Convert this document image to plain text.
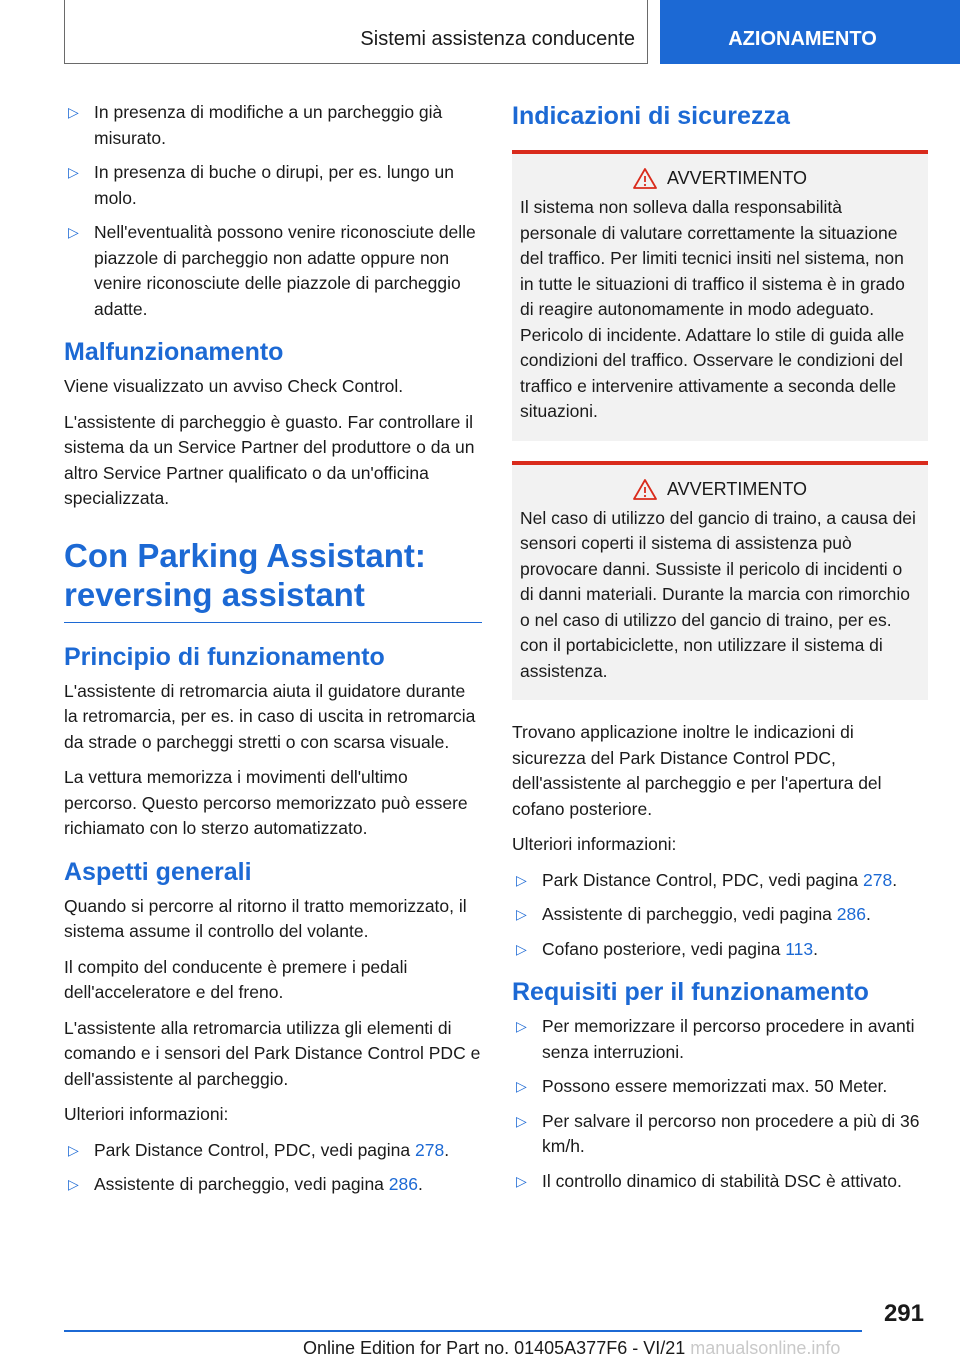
Sistemi assistenza conducente	AZIONAMENTO
▷ In presenza di modifiche a un parcheggio già misurato.
▷ In presenza di buche o dirupi, per es. lungo un molo.
▷ Nell'eventualità possono venire riconosciute delle piazzole di parcheggio non adatte oppure non venire riconosciute delle piazzole di parcheggio adatte.
Malfunzionamento

Viene visualizzato un avviso Check Control.

L'assistente di parcheggio è guasto. Far controllare il sistema da un Service Partner del produttore o da un altro Service Partner qualificato o da un'officina specializzata.

Con Parking Assistant: reversing assistant
Principio di funzionamento

L'assistente di retromarcia aiuta il guidatore durante la retromarcia, per es. in caso di uscita in retromarcia da strade o parcheggi stretti o con scarsa visuale.

La vettura memorizza i movimenti dell'ultimo percorso. Questo percorso memorizzato può essere richiamato con lo sterzo automatizzato.

Aspetti generali

Quando si percorre al ritorno il tratto memorizzato, il sistema assume il controllo del volante.

Il compito del conducente è premere i pedali dell'acceleratore e del freno.

L'assistente alla retromarcia utilizza gli elementi di comando e i sensori del Park Distance Control PDC e dell'assistente al parcheggio.

Ulteriori informazioni:

▷ Park Distance Control, PDC, vedi pagina 278.
▷ Assistente di parcheggio, vedi pagina 286.
Indicazioni di sicurezza
AVVERTIMENTO
Il sistema non solleva dalla responsabilità personale di valutare correttamente la situazione del traffico. Per limiti tecnici insiti nel sistema, non in tutte le situazioni di traffico il sistema è in grado di reagire autonomamente in modo adeguato. Pericolo di incidente. Adattare lo stile di guida alle condizioni del traffico. Osservare le condizioni del traffico e intervenire attivamente a seconda delle situazioni.
AVVERTIMENTO
Nel caso di utilizzo del gancio di traino, a causa dei sensori coperti il sistema di assistenza può provocare danni. Sussiste il pericolo di incidenti o di danni materiali. Durante la marcia con rimorchio o nel caso di utilizzo del gancio di traino, per es. con il portabiciclette, non utilizzare il sistema di assistenza.

Trovano applicazione inoltre le indicazioni di sicurezza del Park Distance Control PDC, dell'assistente al parcheggio e per l'apertura del cofano posteriore.

Ulteriori informazioni:

▷ Park Distance Control, PDC, vedi pagina 278.
▷ Assistente di parcheggio, vedi pagina 286.
▷ Cofano posteriore, vedi pagina 113.
Requisiti per il funzionamento
▷ Per memorizzare il percorso procedere in avanti senza interruzioni.
▷ Possono essere memorizzati max. 50 Meter.
▷ Per salvare il percorso non procedere a più di 36 km/h.
▷ Il controllo dinamico di stabilità DSC è attivato.
291
Online Edition for Part no. 01405A377F6 - VI/21 manualsonline.info
